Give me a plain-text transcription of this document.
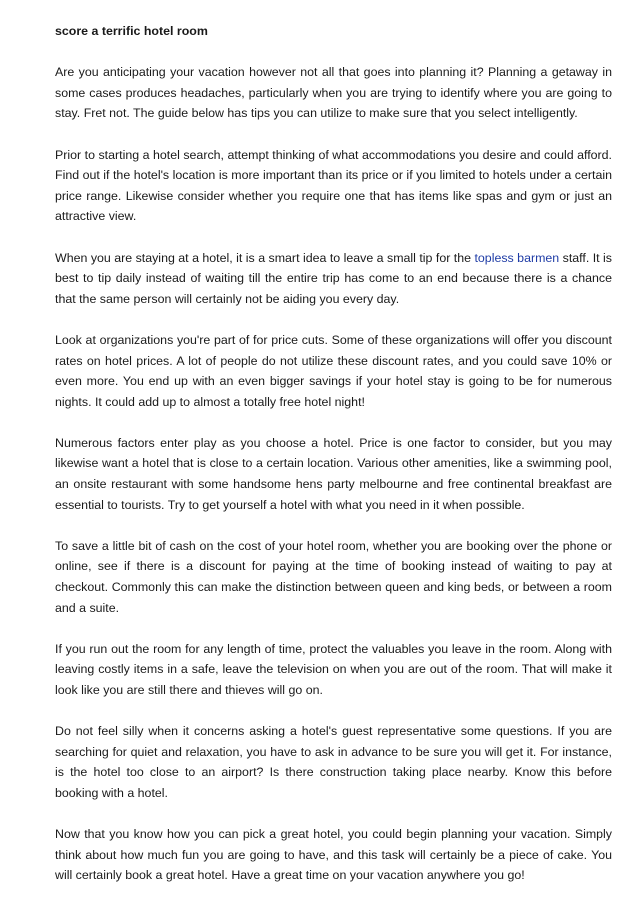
score a terrific hotel room

Are you anticipating your vacation however not all that goes into planning it? Planning a getaway in some cases produces headaches, particularly when you are trying to identify where you are going to stay. Fret not. The guide below has tips you can utilize to make sure that you select intelligently.

Prior to starting a hotel search, attempt thinking of what accommodations you desire and could afford. Find out if the hotel's location is more important than its price or if you limited to hotels under a certain price range. Likewise consider whether you require one that has items like spas and gym or just an attractive view.

When you are staying at a hotel, it is a smart idea to leave a small tip for the topless barmen staff. It is best to tip daily instead of waiting till the entire trip has come to an end because there is a chance that the same person will certainly not be aiding you every day.

Look at organizations you're part of for price cuts. Some of these organizations will offer you discount rates on hotel prices. A lot of people do not utilize these discount rates, and you could save 10% or even more. You end up with an even bigger savings if your hotel stay is going to be for numerous nights. It could add up to almost a totally free hotel night!

Numerous factors enter play as you choose a hotel. Price is one factor to consider, but you may likewise want a hotel that is close to a certain location. Various other amenities, like a swimming pool, an onsite restaurant with some handsome hens party melbourne and free continental breakfast are essential to tourists. Try to get yourself a hotel with what you need in it when possible.

To save a little bit of cash on the cost of your hotel room, whether you are booking over the phone or online, see if there is a discount for paying at the time of booking instead of waiting to pay at checkout. Commonly this can make the distinction between queen and king beds, or between a room and a suite.

If you run out the room for any length of time, protect the valuables you leave in the room. Along with leaving costly items in a safe, leave the television on when you are out of the room. That will make it look like you are still there and thieves will go on.

Do not feel silly when it concerns asking a hotel's guest representative some questions. If you are searching for quiet and relaxation, you have to ask in advance to be sure you will get it. For instance, is the hotel too close to an airport? Is there construction taking place nearby. Know this before booking with a hotel.

Now that you know how you can pick a great hotel, you could begin planning your vacation. Simply think about how much fun you are going to have, and this task will certainly be a piece of cake. You will certainly book a great hotel. Have a great time on your vacation anywhere you go!
